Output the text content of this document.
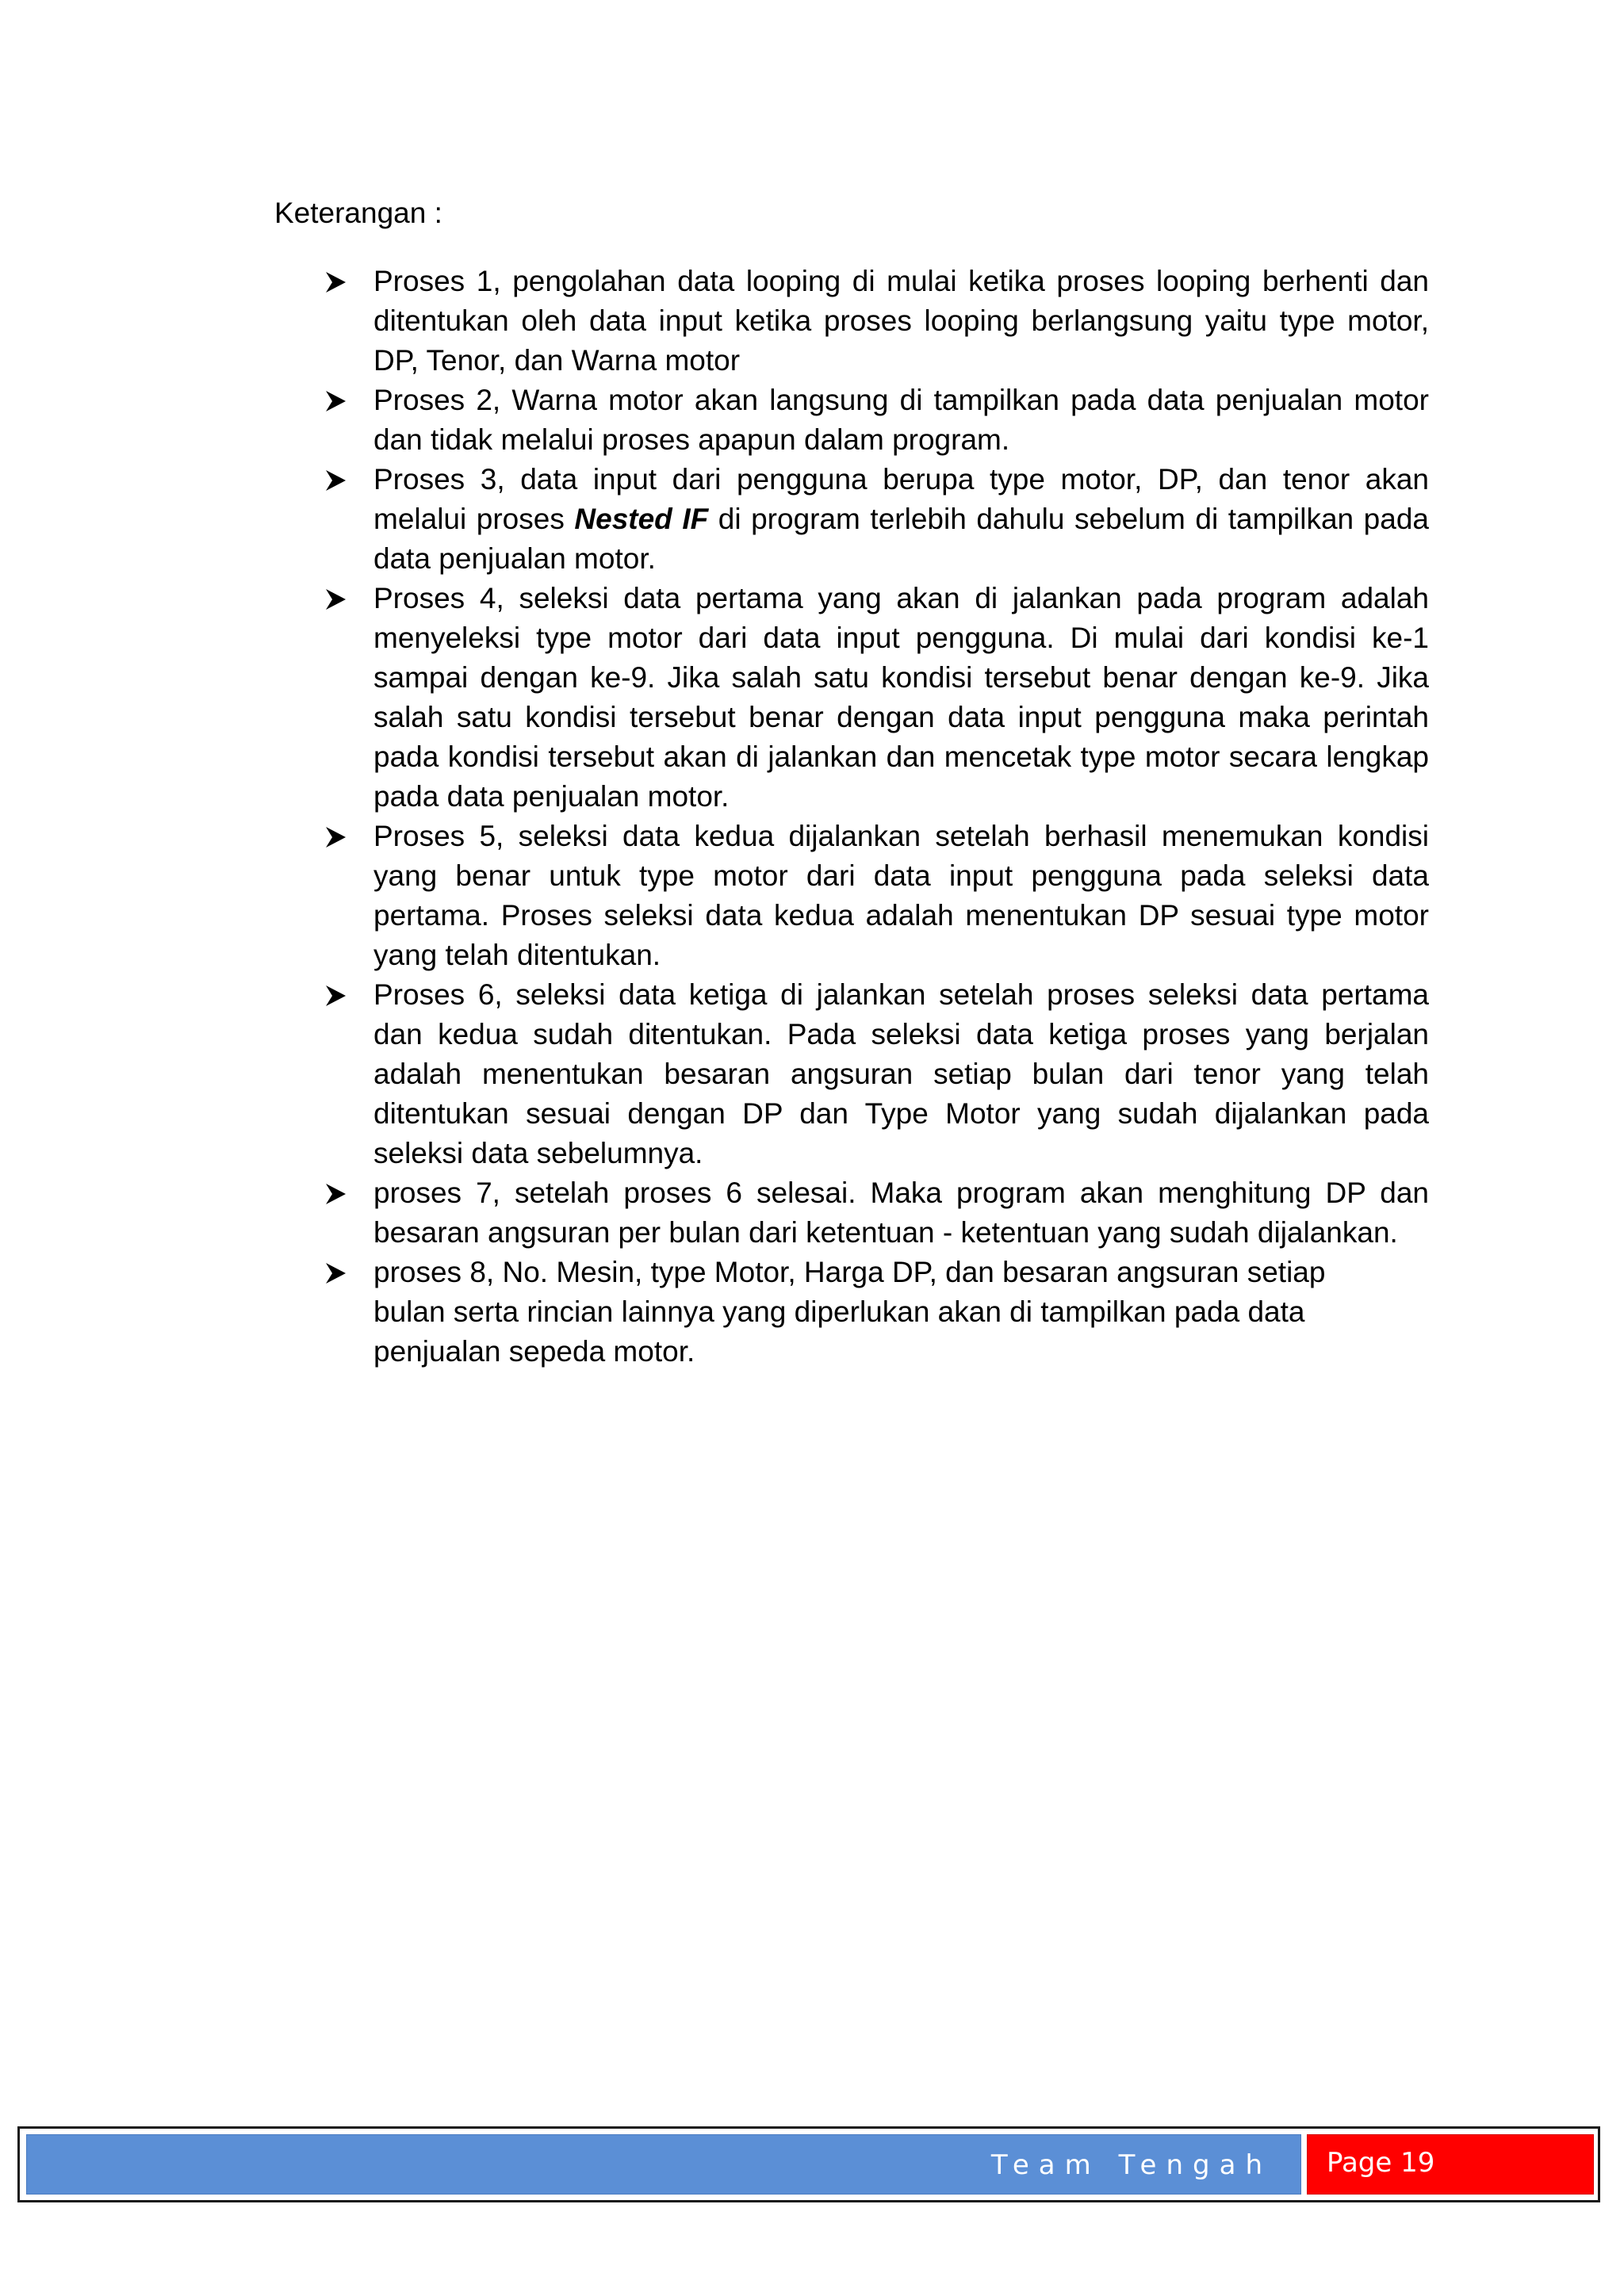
Keterangan :

Proses 1, pengolahan data looping di mulai ketika proses looping berhenti dan ditentukan oleh data input ketika proses looping berlangsung yaitu type motor, DP, Tenor, dan Warna motor
Proses 2, Warna motor akan langsung di tampilkan pada data penjualan motor dan tidak melalui proses apapun dalam program.
Proses 3, data input dari pengguna berupa type motor, DP, dan tenor akan melalui proses Nested IF di program terlebih dahulu sebelum di tampilkan pada data penjualan motor.
Proses 4, seleksi data pertama yang akan di jalankan pada program adalah menyeleksi type motor dari data input pengguna. Di mulai dari kondisi ke-1 sampai dengan ke-9. Jika salah satu kondisi tersebut benar dengan ke-9. Jika salah satu kondisi tersebut benar dengan data input pengguna maka perintah pada kondisi tersebut akan di jalankan dan mencetak type motor secara lengkap pada data penjualan motor.
Proses 5, seleksi data kedua dijalankan setelah berhasil menemukan kondisi yang benar untuk type motor dari data input pengguna pada seleksi data pertama. Proses seleksi data kedua adalah menentukan DP sesuai type motor yang telah ditentukan.
Proses 6, seleksi data ketiga di jalankan setelah proses seleksi data pertama dan kedua sudah ditentukan. Pada seleksi data ketiga proses yang berjalan adalah menentukan besaran angsuran setiap bulan dari tenor yang telah ditentukan sesuai dengan DP dan Type Motor yang sudah dijalankan pada seleksi data sebelumnya.
proses 7, setelah proses 6 selesai. Maka program akan menghitung DP dan besaran angsuran per bulan dari ketentuan - ketentuan yang sudah dijalankan.
proses 8, No. Mesin, type Motor, Harga DP, dan besaran angsuran setiap bulan serta rincian lainnya yang diperlukan akan di tampilkan pada data penjualan sepeda motor.
Team Tengah Page 19
